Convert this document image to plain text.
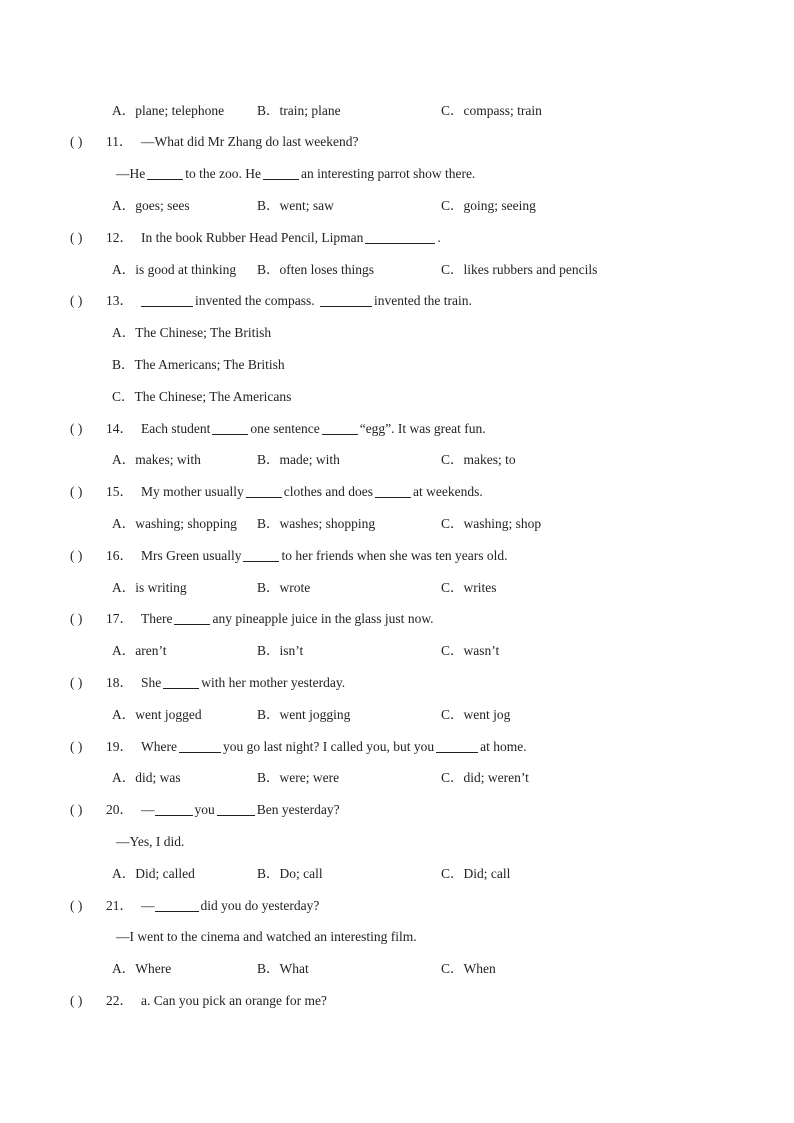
A．plane; telephone B．train; plane	C．compass; train
( ) 11． —What did Mr Zhang do last weekend?
—He	to the zoo. He	an interesting parrot show there.
A．goes; sees	B．went; saw	C．going; seeing
( ) 12． In the book Rubber Head Pencil, Lipman	.
A．is good at thinking B．often loses things	C．likes rubbers and pencils
( ) 13．	invented the compass.	invented the train.
A．The Chinese; The British
B．The Americans; The British
C．The Chinese; The Americans
( ) 14． Each student	one sentence	“egg”. It was great fun.
A．makes; with	B．made; with	C．makes; to
( ) 15． My mother usually	clothes and does	at weekends.
A．washing; shopping B．washes; shopping	C．washing; shop
( ) 16． Mrs Green usually	to her friends when she was ten years old.
A．is writing	B．wrote	C．writes
( ) 17． There	any pineapple juice in the glass just now.
A．aren’t	B．isn’t	C．wasn’t
( ) 18． She	with her mother yesterday.
A．went jogged	B．went jogging	C．went jog
( ) 19． Where	you go last night? I called you, but you	at home.
A．did; was	B．were; were	C．did; weren’t
( ) 20． —	you	Ben yesterday?
—Yes, I did.
A．Did; called	B．Do; call	C．Did; call
( ) 21． —	did you do yesterday?
—I went to the cinema and watched an interesting film.
A．Where	B．What	C．When
( ) 22． a. Can you pick an orange for me?
